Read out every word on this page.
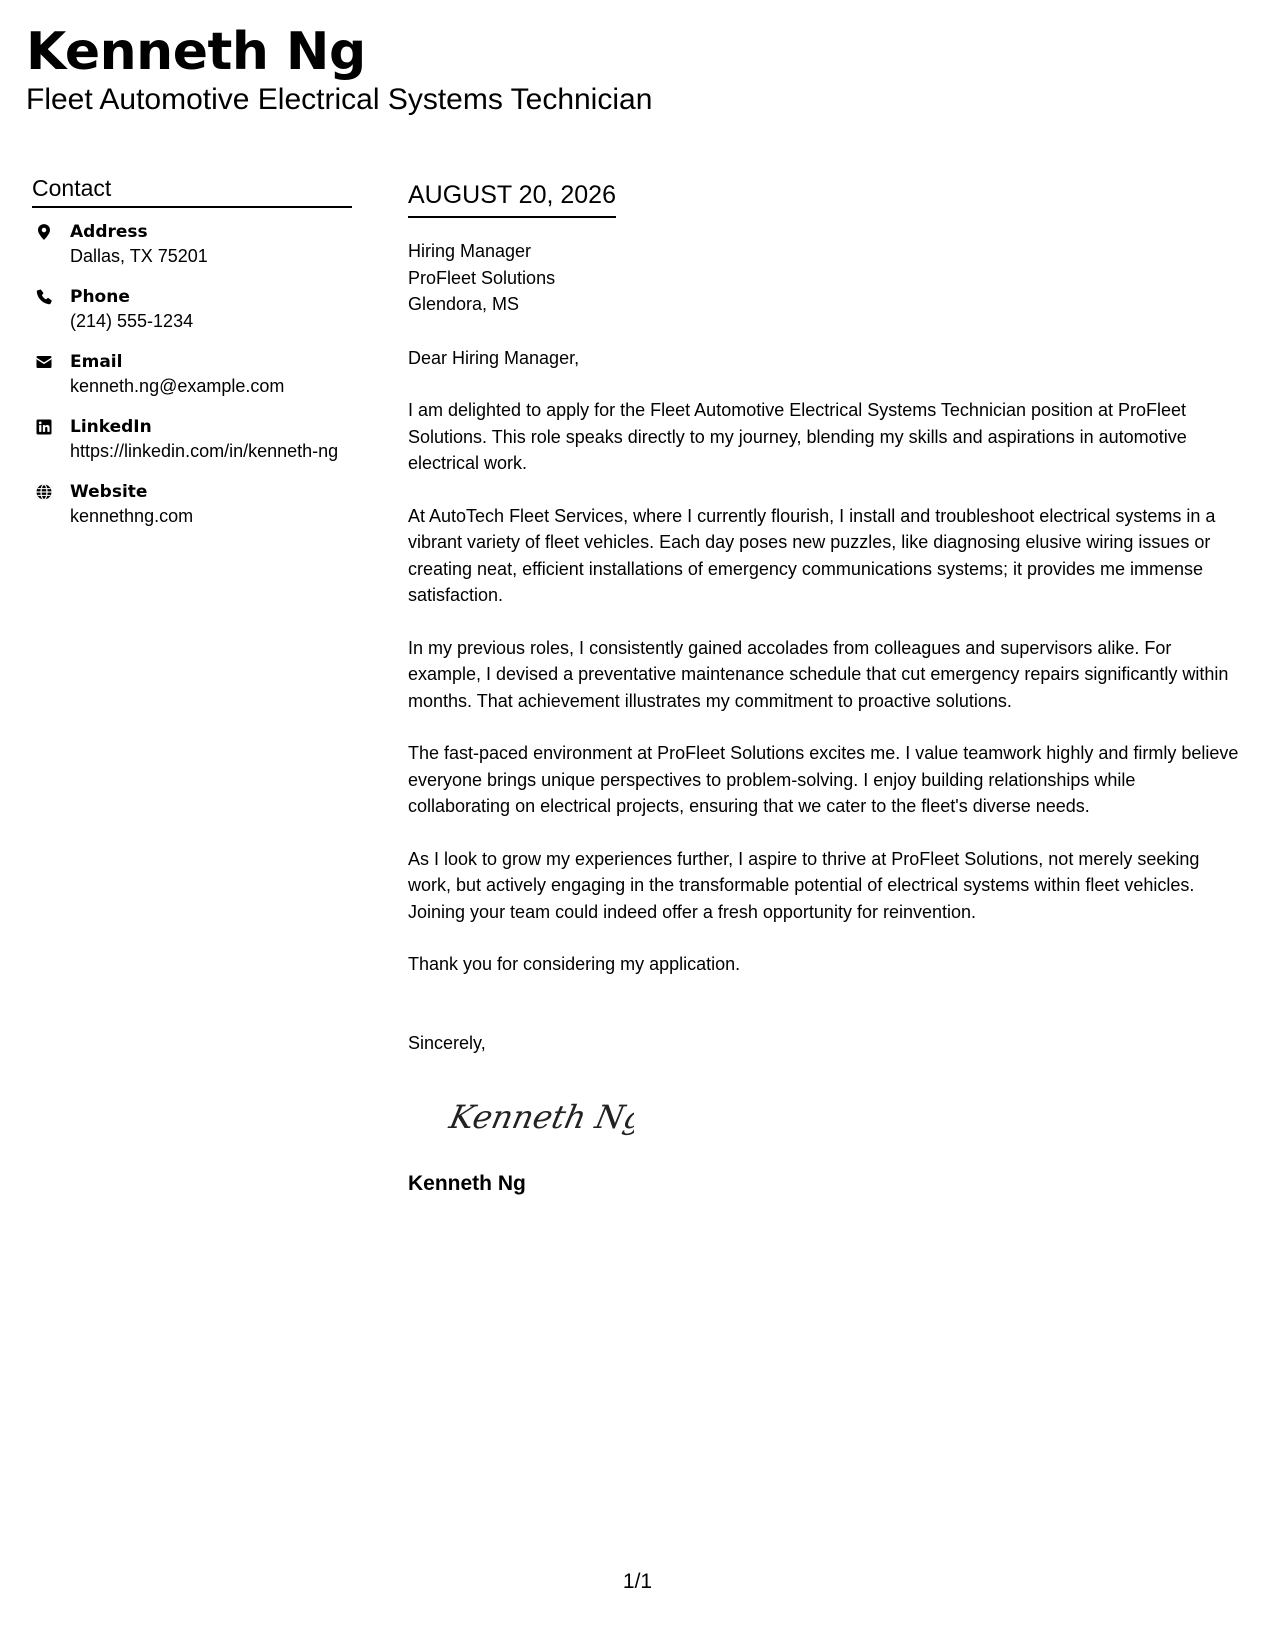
Kenneth Ng
Fleet Automotive Electrical Systems Technician
Contact
Address
Dallas, TX 75201
Phone
(214) 555-1234
Email
kenneth.ng@example.com
LinkedIn
https://linkedin.com/in/kenneth-ng
Website
kennethng.com
AUGUST 20, 2026
Hiring Manager
ProFleet Solutions
Glendora, MS
Dear Hiring Manager,
I am delighted to apply for the Fleet Automotive Electrical Systems Technician position at ProFleet Solutions. This role speaks directly to my journey, blending my skills and aspirations in automotive electrical work.
At AutoTech Fleet Services, where I currently flourish, I install and troubleshoot electrical systems in a vibrant variety of fleet vehicles. Each day poses new puzzles, like diagnosing elusive wiring issues or creating neat, efficient installations of emergency communications systems; it provides me immense satisfaction.
In my previous roles, I consistently gained accolades from colleagues and supervisors alike. For example, I devised a preventative maintenance schedule that cut emergency repairs significantly within months. That achievement illustrates my commitment to proactive solutions.
The fast-paced environment at ProFleet Solutions excites me. I value teamwork highly and firmly believe everyone brings unique perspectives to problem-solving. I enjoy building relationships while collaborating on electrical projects, ensuring that we cater to the fleet's diverse needs.
As I look to grow my experiences further, I aspire to thrive at ProFleet Solutions, not merely seeking work, but actively engaging in the transformable potential of electrical systems within fleet vehicles. Joining your team could indeed offer a fresh opportunity for reinvention.
Thank you for considering my application.
Sincerely,
Kenneth Ng
Kenneth Ng
1/1
